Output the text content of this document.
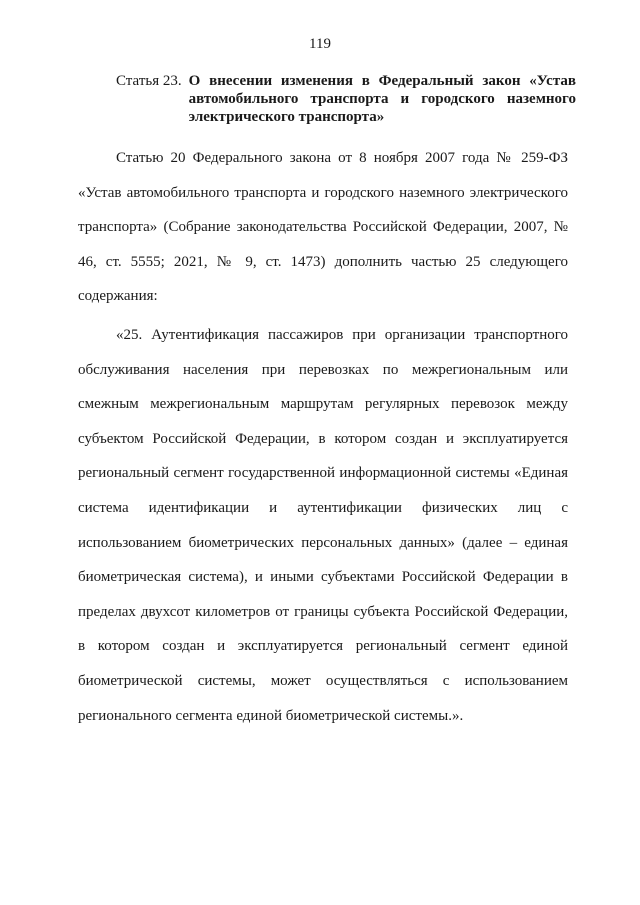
119
Статья 23. О внесении изменения в Федеральный закон «Устав автомобильного транспорта и городского наземного электрического транспорта»

Статью 20 Федерального закона от 8 ноября 2007 года № 259-ФЗ «Устав автомобильного транспорта и городского наземного электрического транспорта» (Собрание законодательства Российской Федерации, 2007, № 46, ст. 5555; 2021, № 9, ст. 1473) дополнить частью 25 следующего содержания:

«25. Аутентификация пассажиров при организации транспортного обслуживания населения при перевозках по межрегиональным или смежным межрегиональным маршрутам регулярных перевозок между субъектом Российской Федерации, в котором создан и эксплуатируется региональный сегмент государственной информационной системы «Единая система идентификации и аутентификации физических лиц с использованием биометрических персональных данных» (далее – единая биометрическая система), и иными субъектами Российской Федерации в пределах двухсот километров от границы субъекта Российской Федерации, в котором создан и эксплуатируется региональный сегмент единой биометрической системы, может осуществляться с использованием регионального сегмента единой биометрической системы.».
